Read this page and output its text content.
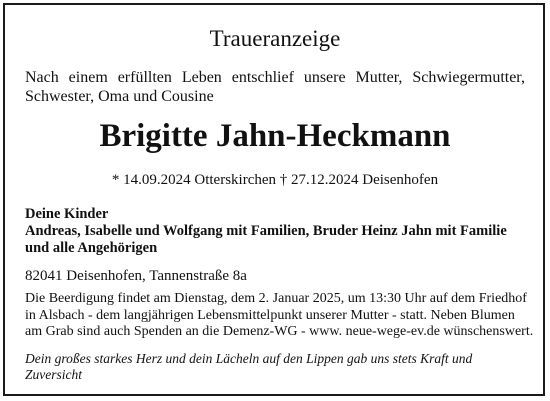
Traueranzeige
Nach einem erfüllten Leben entschlief unsere Mutter, Schwiegermutter,
Schwester, Oma und Cousine
Brigitte Jahn-Heckmann
* 14.09.2024 Otterskirchen † 27.12.2024 Deisenhofen
Deine Kinder
Andreas, Isabelle und Wolfgang mit Familien, Bruder Heinz Jahn mit Familie
und alle Angehörigen
82041 Deisenhofen, Tannenstraße 8a
Die Beerdigung findet am Dienstag, dem 2. Januar 2025, um 13:30 Uhr auf dem Friedhof
in Alsbach - dem langjährigen Lebensmittelpunkt unserer Mutter - statt. Neben Blumen
am Grab sind auch Spenden an die Demenz-WG - www. neue-wege-ev.de wünschenswert.
Dein großes starkes Herz und dein Lächeln auf den Lippen gab uns stets Kraft und
Zuversicht
